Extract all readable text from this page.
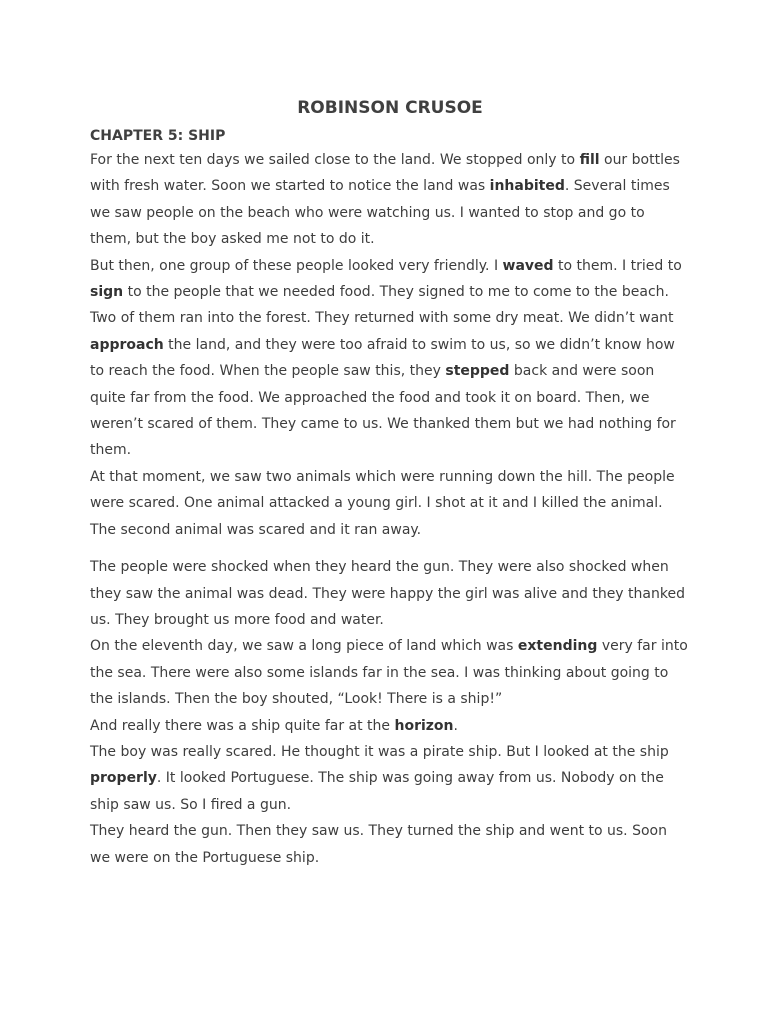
ROBINSON CRUSOE
CHAPTER 5: SHIP

For the next ten days we sailed close to the land. We stopped only to fill our bottles with fresh water. Soon we started to notice the land was inhabited. Several times we saw people on the beach who were watching us. I wanted to stop and go to them, but the boy asked me not to do it.

But then, one group of these people looked very friendly. I waved to them. I tried to sign to the people that we needed food. They signed to me to come to the beach. Two of them ran into the forest. They returned with some dry meat. We didn’t want approach the land, and they were too afraid to swim to us, so we didn’t know how to reach the food. When the people saw this, they stepped back and were soon quite far from the food. We approached the food and took it on board. Then, we weren’t scared of them. They came to us. We thanked them but we had nothing for them.

At that moment, we saw two animals which were running down the hill. The people were scared. One animal attacked a young girl. I shot at it and I killed the animal. The second animal was scared and it ran away.

The people were shocked when they heard the gun. They were also shocked when they saw the animal was dead. They were happy the girl was alive and they thanked us. They brought us more food and water.

On the eleventh day, we saw a long piece of land which was extending very far into the sea. There were also some islands far in the sea. I was thinking about going to the islands. Then the boy shouted, “Look! There is a ship!”

And really there was a ship quite far at the horizon.

The boy was really scared. He thought it was a pirate ship. But I looked at the ship properly. It looked Portuguese. The ship was going away from us. Nobody on the ship saw us. So I fired a gun.

They heard the gun. Then they saw us. They turned the ship and went to us. Soon we were on the Portuguese ship.
